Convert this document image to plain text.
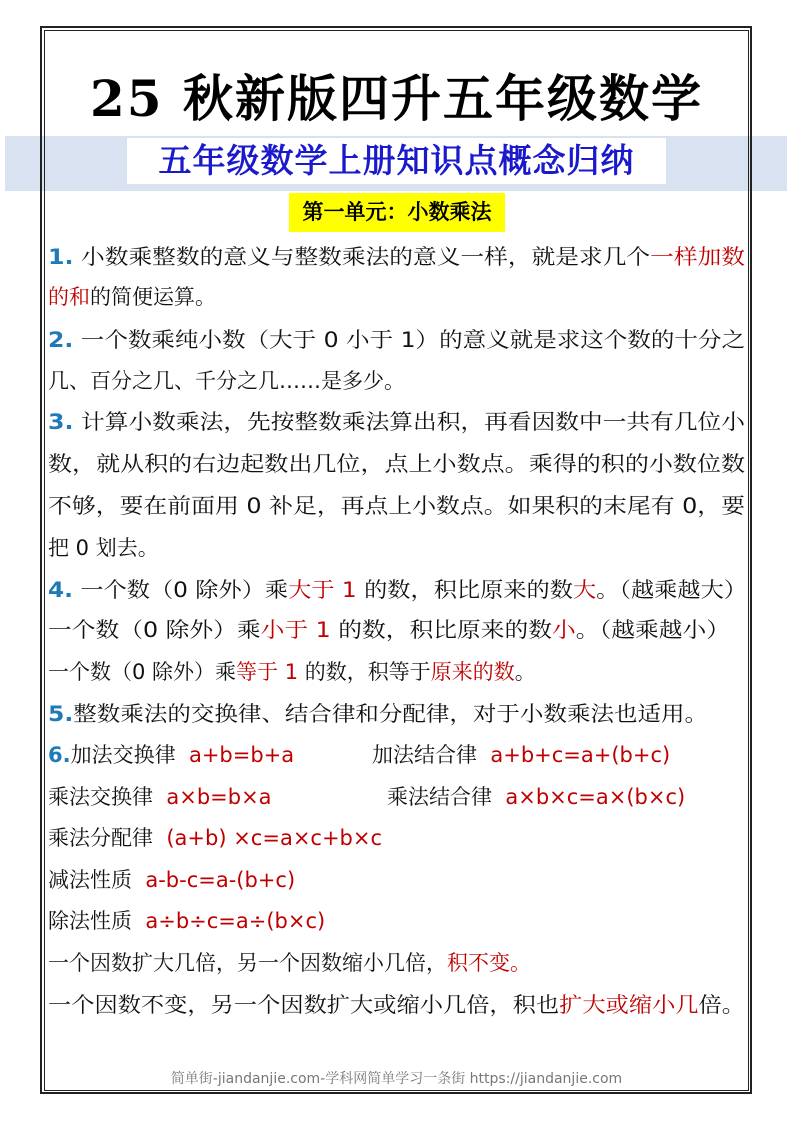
25 秋新版四升五年级数学
五年级数学上册知识点概念归纳
第一单元：小数乘法
1. 小数乘整数的意义与整数乘法的意义一样，就是求几个一样加数
的和的简便运算。
2. 一个数乘纯小数（大于 0 小于 1）的意义就是求这个数的十分之
几、百分之几、千分之几……是多少。
3. 计算小数乘法，先按整数乘法算出积，再看因数中一共有几位小
数，就从积的右边起数出几位，点上小数点。乘得的积的小数位数
不够，要在前面用 0 补足，再点上小数点。如果积的末尾有 0，要
把 0 划去。
4. 一个数（0 除外）乘大于 1 的数，积比原来的数大。（越乘越大）
一个数（0 除外）乘小于 1 的数，积比原来的数小。（越乘越小）
一个数（0 除外）乘等于 1 的数，积等于原来的数。
5.整数乘法的交换律、结合律和分配律，对于小数乘法也适用。
6.加法交换律 a+b=b+a	加法结合律 a+b+c=a+(b+c)
乘法交换律 a×b=b×a	乘法结合律 a×b×c=a×(b×c)
乘法分配律 (a+b) ×c=a×c+b×c
减法性质 a-b-c=a-(b+c)
除法性质 a÷b÷c=a÷(b×c)
一个因数扩大几倍，另一个因数缩小几倍，积不变。
一个因数不变，另一个因数扩大或缩小几倍，积也扩大或缩小几倍。
简单街-jiandanjie.com-学科网简单学习一条街 https://jiandanjie.com
